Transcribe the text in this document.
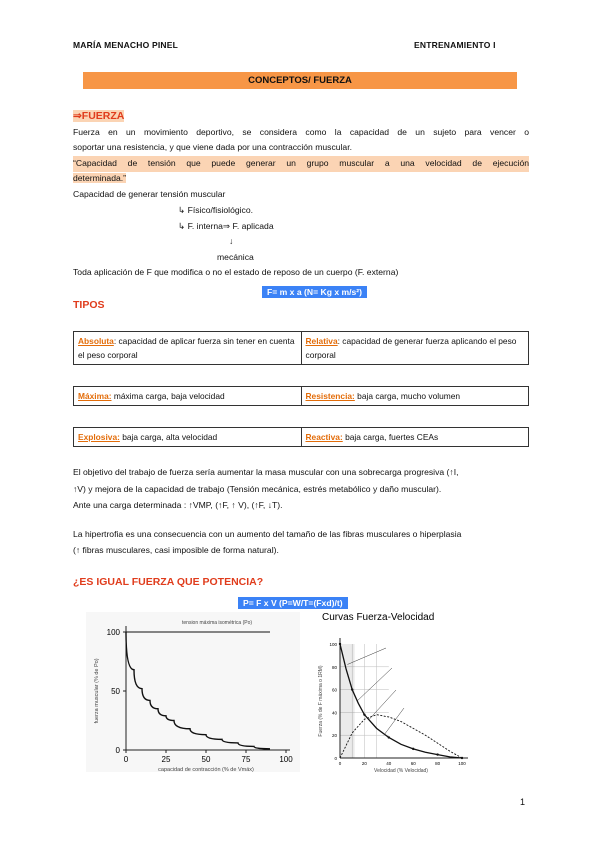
MARÍA MENACHO PINEL	ENTRENAMIENTO I
CONCEPTOS/ FUERZA
⇒FUERZA
Fuerza en un movimiento deportivo, se considera como la capacidad de un sujeto para vencer o
soportar una resistencia, y que viene dada por una contracción muscular.
“Capacidad de tensión que puede generar un grupo muscular a una velocidad de ejecución
determinada.”
Capacidad de generar tensión muscular
↳ Físico/fisiológico.
↳ F. interna⇒ F. aplicada
↓
mecánica
Toda aplicación de F que modifica o no el estado de reposo de un cuerpo (F. externa)
F= m x a (N= Kg x m/s²)
TIPOS
Absoluta: capacidad de aplicar fuerza sin tener en cuenta el peso corporal	Relativa: capacidad de generar fuerza aplicando el peso corporal
Máxima: máxima carga, baja velocidad	Resistencia: baja carga, mucho volumen
Explosiva: baja carga, alta velocidad	Reactiva: baja carga, fuertes CEAs
El objetivo del trabajo de fuerza sería aumentar la masa muscular con una sobrecarga progresiva (↑I,
↑V) y mejora de la capacidad de trabajo (Tensión mecánica, estrés metabólico y daño muscular).
Ante una carga determinada : ↑VMP, (↑F, ↑ V), (↑F, ↓T).
La hipertrofia es una consecuencia con un aumento del tamaño de las fibras musculares o hiperplasia
(↑ fibras musculares, casi imposible de forma natural).
¿ES IGUAL FUERZA QUE POTENCIA?
P= F x V (P=W/T=(Fxd)/t)
0
50
100
0	25	50	75	100
tension máxima isométrica (Po)
capacidad de contracción (% de Vmáx)
fuerza muscular (% de Po)
Curvas Fuerza-Velocidad
0
20
40
60
80
100
0	20	40	60	80	100
Fuerza (% de F máxima o 1RM)
Velocidad (% Velocidad)
1
